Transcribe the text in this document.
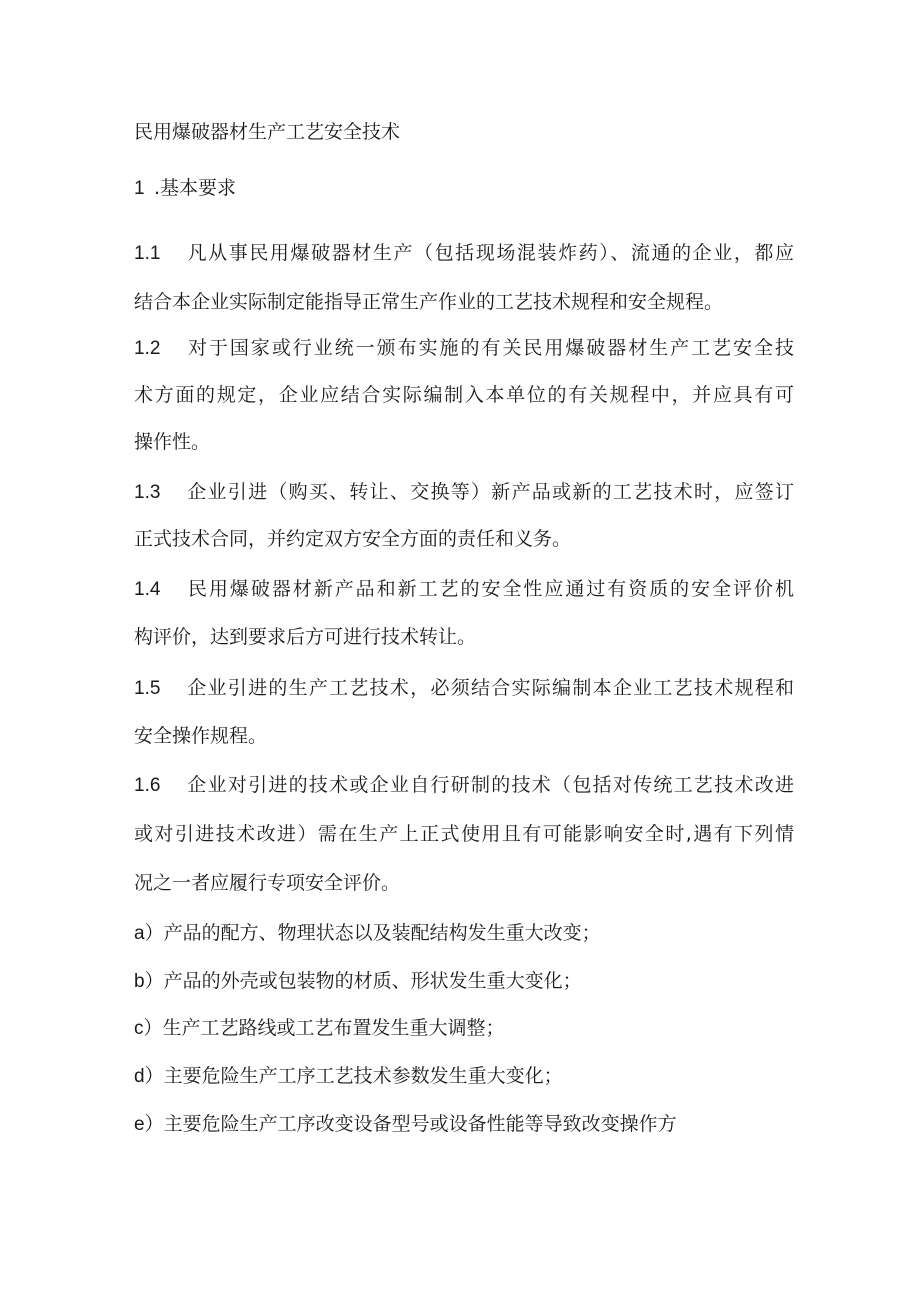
民用爆破器材生产工艺安全技术
1 .基本要求
1.1 凡从事民用爆破器材生产（包括现场混装炸药）、流通的企业，都应
结合本企业实际制定能指导正常生产作业的工艺技术规程和安全规程。
1.2 对于国家或行业统一颁布实施的有关民用爆破器材生产工艺安全技
术方面的规定，企业应结合实际编制入本单位的有关规程中，并应具有可
操作性。
1.3 企业引进（购买、转让、交换等）新产品或新的工艺技术时，应签订
正式技术合同，并约定双方安全方面的责任和义务。
1.4 民用爆破器材新产品和新工艺的安全性应通过有资质的安全评价机
构评价，达到要求后方可进行技术转让。
1.5 企业引进的生产工艺技术，必须结合实际编制本企业工艺技术规程和
安全操作规程。
1.6 企业对引进的技术或企业自行研制的技术（包括对传统工艺技术改进
或对引进技术改进）需在生产上正式使用且有可能影响安全时,遇有下列情
况之一者应履行专项安全评价。
a）产品的配方、物理状态以及装配结构发生重大改变；
b）产品的外壳或包装物的材质、形状发生重大变化；
c）生产工艺路线或工艺布置发生重大调整；
d）主要危险生产工序工艺技术参数发生重大变化；
e）主要危险生产工序改变设备型号或设备性能等导致改变操作方
